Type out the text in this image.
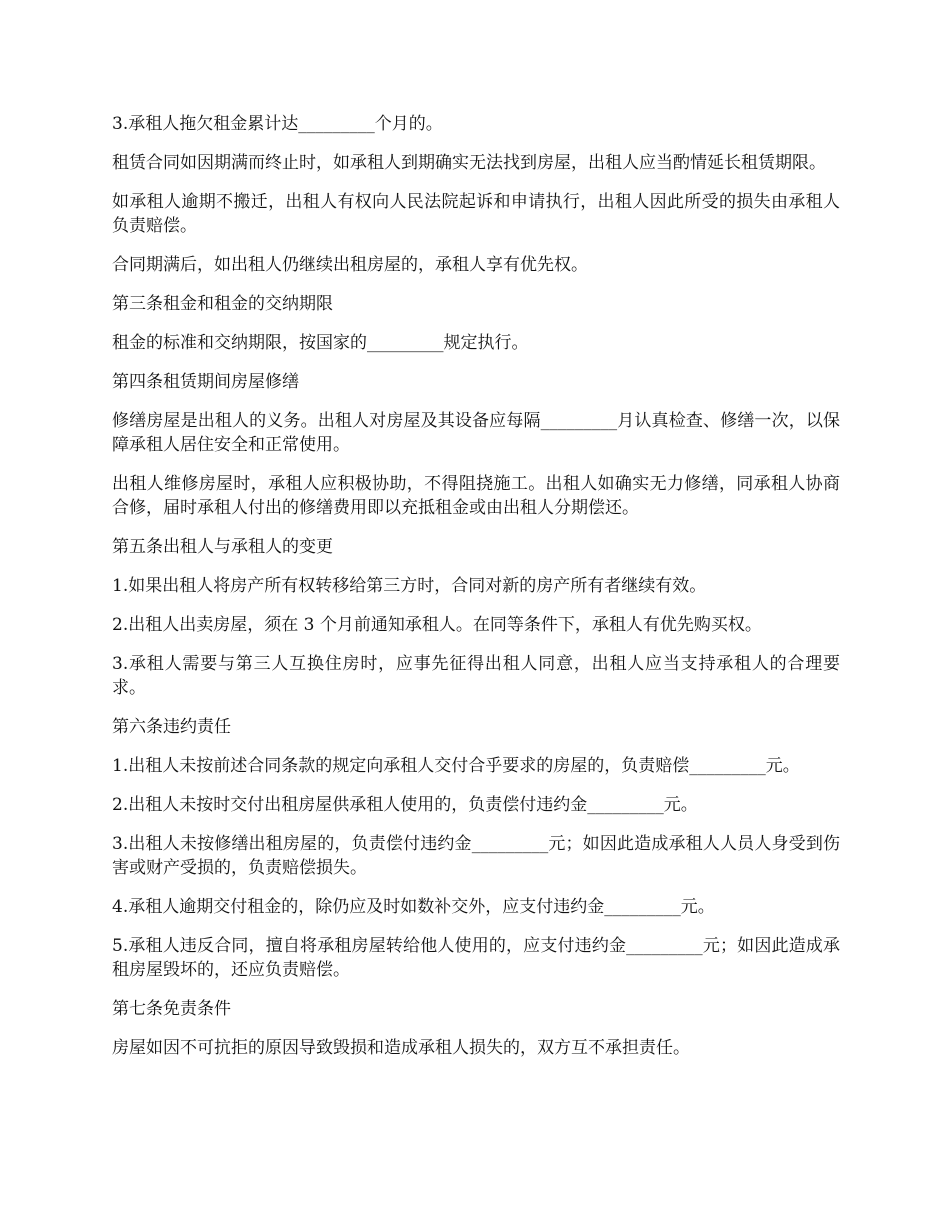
3.承租人拖欠租金累计达_________个月的。

租赁合同如因期满而终止时，如承租人到期确实无法找到房屋，出租人应当酌情延长租赁期限。

如承租人逾期不搬迁，出租人有权向人民法院起诉和申请执行，出租人因此所受的损失由承租人负责赔偿。

合同期满后，如出租人仍继续出租房屋的，承租人享有优先权。

第三条租金和租金的交纳期限

租金的标准和交纳期限，按国家的_________规定执行。

第四条租赁期间房屋修缮

修缮房屋是出租人的义务。出租人对房屋及其设备应每隔_________月认真检查、修缮一次，以保障承租人居住安全和正常使用。

出租人维修房屋时，承租人应积极协助，不得阻挠施工。出租人如确实无力修缮，同承租人协商合修，届时承租人付出的修缮费用即以充抵租金或由出租人分期偿还。

第五条出租人与承租人的变更

1.如果出租人将房产所有权转移给第三方时，合同对新的房产所有者继续有效。

2.出租人出卖房屋，须在 3 个月前通知承租人。在同等条件下，承租人有优先购买权。

3.承租人需要与第三人互换住房时，应事先征得出租人同意，出租人应当支持承租人的合理要求。

第六条违约责任

1.出租人未按前述合同条款的规定向承租人交付合乎要求的房屋的，负责赔偿_________元。

2.出租人未按时交付出租房屋供承租人使用的，负责偿付违约金_________元。

3.出租人未按修缮出租房屋的，负责偿付违约金_________元；如因此造成承租人人员人身受到伤害或财产受损的，负责赔偿损失。

4.承租人逾期交付租金的，除仍应及时如数补交外，应支付违约金_________元。

5.承租人违反合同，擅自将承租房屋转给他人使用的，应支付违约金_________元；如因此造成承租房屋毁坏的，还应负责赔偿。

第七条免责条件

房屋如因不可抗拒的原因导致毁损和造成承租人损失的，双方互不承担责任。
